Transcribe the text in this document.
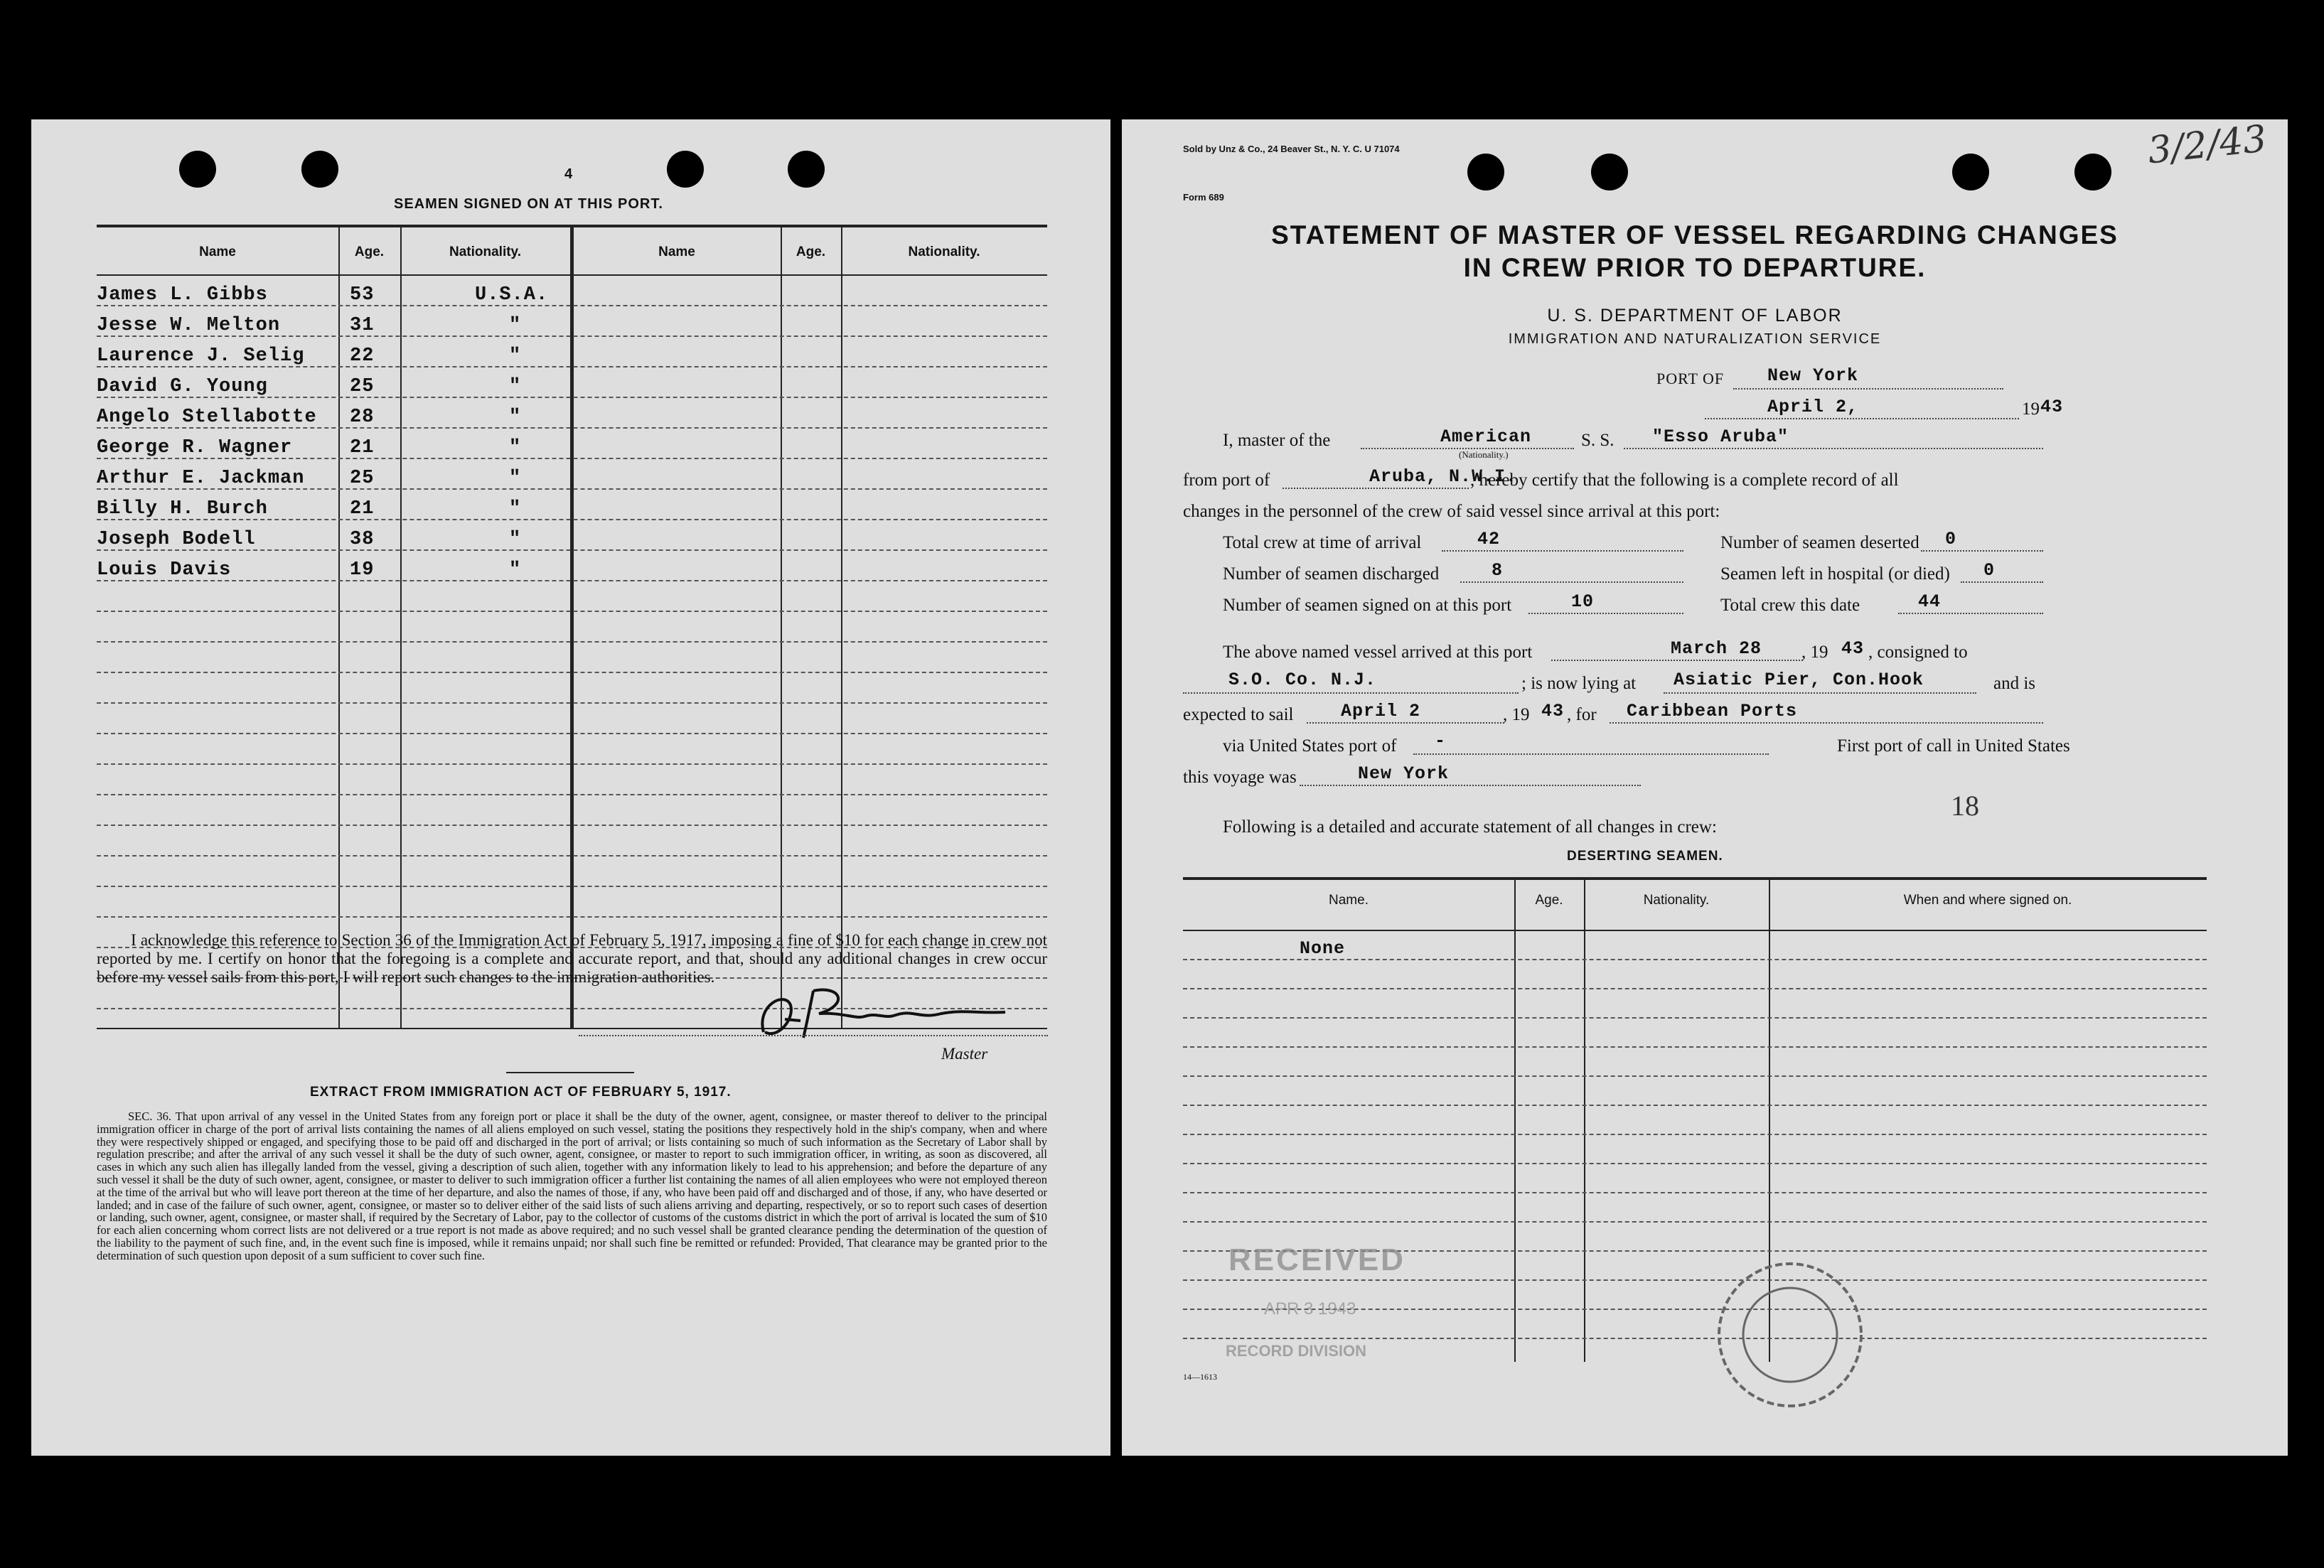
4
SEAMEN SIGNED ON AT THIS PORT.
Name	Age.	Nationality.	Name	Age.	Nationality.
James L. Gibbs	53	U.S.A.
Jesse W. Melton	31	"
Laurence J. Selig 22	"
David G. Young	25	"
Angelo Stellabotte 28	"
George R. Wagner	21	"
Arthur E. Jackman 25	"
Billy H. Burch	21	"
Joseph Bodell	38	"
Louis Davis	19	"
I acknowledge this reference to Section 36 of the Immigration Act of February 5, 1917, imposing a fine of $10 for each change in crew not reported by me. I certify on honor that the foregoing is a complete and accurate report, and that, should any additional changes in crew occur before my vessel sails from this port, I will report such changes to the immigration authorities.
Master
EXTRACT FROM IMMIGRATION ACT OF FEBRUARY 5, 1917.
SEC. 36. That upon arrival of any vessel in the United States from any foreign port or place it shall be the duty of the owner, agent, consignee, or master thereof to deliver to the principal immigration officer in charge of the port of arrival lists containing the names of all aliens employed on such vessel, stating the positions they respectively hold in the ship's company, when and where they were respectively shipped or engaged, and specifying those to be paid off and discharged in the port of arrival; or lists containing so much of such information as the Secretary of Labor shall by regulation prescribe; and after the arrival of any such vessel it shall be the duty of such owner, agent, consignee, or master to report to such immigration officer, in writing, as soon as discovered, all cases in which any such alien has illegally landed from the vessel, giving a description of such alien, together with any information likely to lead to his apprehension; and before the departure of any such vessel it shall be the duty of such owner, agent, consignee, or master to deliver to such immigration officer a further list containing the names of all alien employees who were not employed thereon at the time of the arrival but who will leave port thereon at the time of her departure, and also the names of those, if any, who have been paid off and discharged and of those, if any, who have deserted or landed; and in case of the failure of such owner, agent, consignee, or master so to deliver either of the said lists of such aliens arriving and departing, respectively, or so to report such cases of desertion or landing, such owner, agent, consignee, or master shall, if required by the Secretary of Labor, pay to the collector of customs of the customs district in which the port of arrival is located the sum of $10 for each alien concerning whom correct lists are not delivered or a true report is not made as above required; and no such vessel shall be granted clearance pending the determination of the question of the liability to the payment of such fine, and, in the event such fine is imposed, while it remains unpaid; nor shall such fine be remitted or refunded: Provided, That clearance may be granted prior to the determination of such question upon deposit of a sum sufficient to cover such fine.
Sold by Unz & Co., 24 Beaver St., N. Y. C. U 71074
Form 689
3/2/43
STATEMENT OF MASTER OF VESSEL REGARDING CHANGES
IN CREW PRIOR TO DEPARTURE.
U. S. DEPARTMENT OF LABOR
IMMIGRATION AND NATURALIZATION SERVICE
PORT OF New York
April 2,	19 43
I, master of the	American
(Nationality.)
S. S. "Esso Aruba"
from port of	Aruba, N.W.I.
, hereby certify that the following is a complete record of all
changes in the personnel of the crew of said vessel since arrival at this port:
Total crew at time of arrival	42	Number of seamen deserted 0
Number of seamen discharged	8	Seamen left in hospital (or died) 0
Number of seamen signed on at this port	10	Total crew this date	44
The above named vessel arrived at this port	March 28 , 19 43 , consigned to
S.O. Co. N.J.	; is now lying at Asiatic Pier, Con.Hook	and is
expected to sail	April 2	, 19 43 , for Caribbean Ports
via United States port of -	First port of call in United States
this voyage was	New York
18
Following is a detailed and accurate statement of all changes in crew:
DESERTING SEAMEN.
Name.	Age.	Nationality.	When and where signed on.
None
RECEIVED
APR 3 1943
RECORD DIVISION
14—1613
